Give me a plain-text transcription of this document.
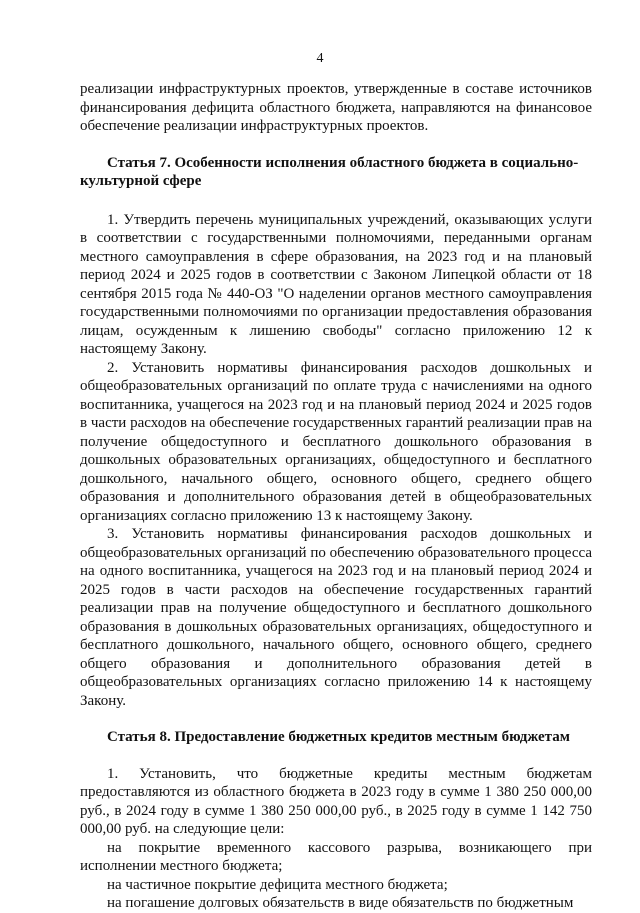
4

реализации инфраструктурных проектов, утвержденные в составе источников финансирования дефицита областного бюджета, направляются на финансовое обеспечение реализации инфраструктурных проектов.

Статья 7. Особенности исполнения областного бюджета в социально-культурной сфере

1. Утвердить перечень муниципальных учреждений, оказывающих услуги в соответствии с государственными полномочиями, переданными органам местного самоуправления в сфере образования, на 2023 год и на плановый период 2024 и 2025 годов в соответствии с Законом Липецкой области от 18 сентября 2015 года № 440-ОЗ "О наделении органов местного самоуправления государственными полномочиями по организации предоставления образования лицам, осужденным к лишению свободы" согласно приложению 12 к настоящему Закону.

2. Установить нормативы финансирования расходов дошкольных и общеобразовательных организаций по оплате труда с начислениями на одного воспитанника, учащегося на 2023 год и на плановый период 2024 и 2025 годов в части расходов на обеспечение государственных гарантий реализации прав на получение общедоступного и бесплатного дошкольного образования в дошкольных образовательных организациях, общедоступного и бесплатного дошкольного, начального общего, основного общего, среднего общего образования и дополнительного образования детей в общеобразовательных организациях согласно приложению 13 к настоящему Закону.

3. Установить нормативы финансирования расходов дошкольных и общеобразовательных организаций по обеспечению образовательного процесса на одного воспитанника, учащегося на 2023 год и на плановый период 2024 и 2025 годов в части расходов на обеспечение государственных гарантий реализации прав на получение общедоступного и бесплатного дошкольного образования в дошкольных образовательных организациях, общедоступного и бесплатного дошкольного, начального общего, основного общего, среднего общего образования и дополнительного образования детей в общеобразовательных организациях согласно приложению 14 к настоящему Закону.

Статья 8. Предоставление бюджетных кредитов местным бюджетам

1. Установить, что бюджетные кредиты местным бюджетам предоставляются из областного бюджета в 2023 году в сумме 1 380 250 000,00 руб., в 2024 году в сумме 1 380 250 000,00 руб., в 2025 году в сумме 1 142 750 000,00 руб. на следующие цели:

на покрытие временного кассового разрыва, возникающего при исполнении местного бюджета;

на частичное покрытие дефицита местного бюджета;

на погашение долговых обязательств в виде обязательств по бюджетным
